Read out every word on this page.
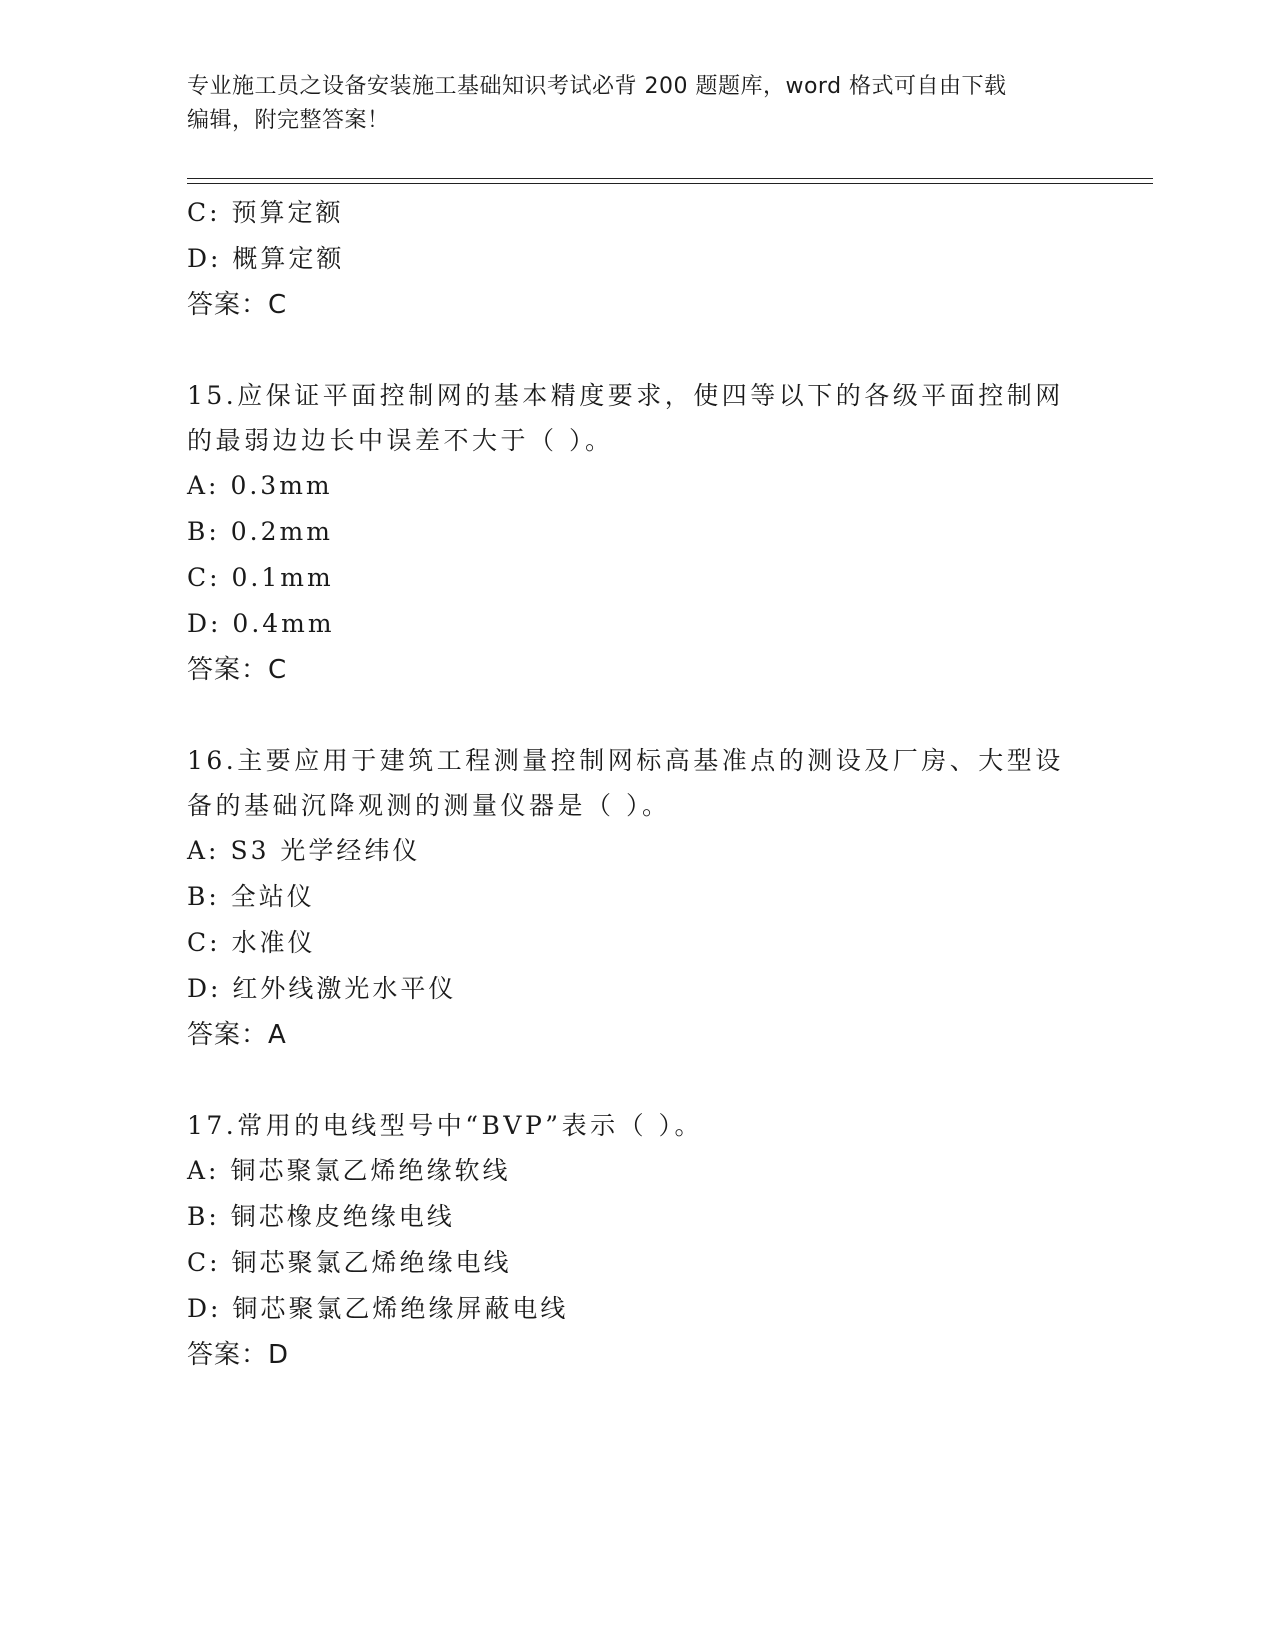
专业施工员之设备安装施工基础知识考试必背 200 题题库，word 格式可自由下载
编辑，附完整答案！
C: 预算定额
D: 概算定额
答案：C
15.应保证平面控制网的基本精度要求，使四等以下的各级平面控制网
的最弱边边长中误差不大于（ ）。
A: 0.3mm
B: 0.2mm
C: 0.1mm
D: 0.4mm
答案：C
16.主要应用于建筑工程测量控制网标高基准点的测设及厂房、大型设
备的基础沉降观测的测量仪器是（ ）。
A: S3 光学经纬仪
B: 全站仪
C: 水准仪
D: 红外线激光水平仪
答案：A
17.常用的电线型号中“BVP”表示（ ）。
A: 铜芯聚氯乙烯绝缘软线
B: 铜芯橡皮绝缘电线
C: 铜芯聚氯乙烯绝缘电线
D: 铜芯聚氯乙烯绝缘屏蔽电线
答案：D
